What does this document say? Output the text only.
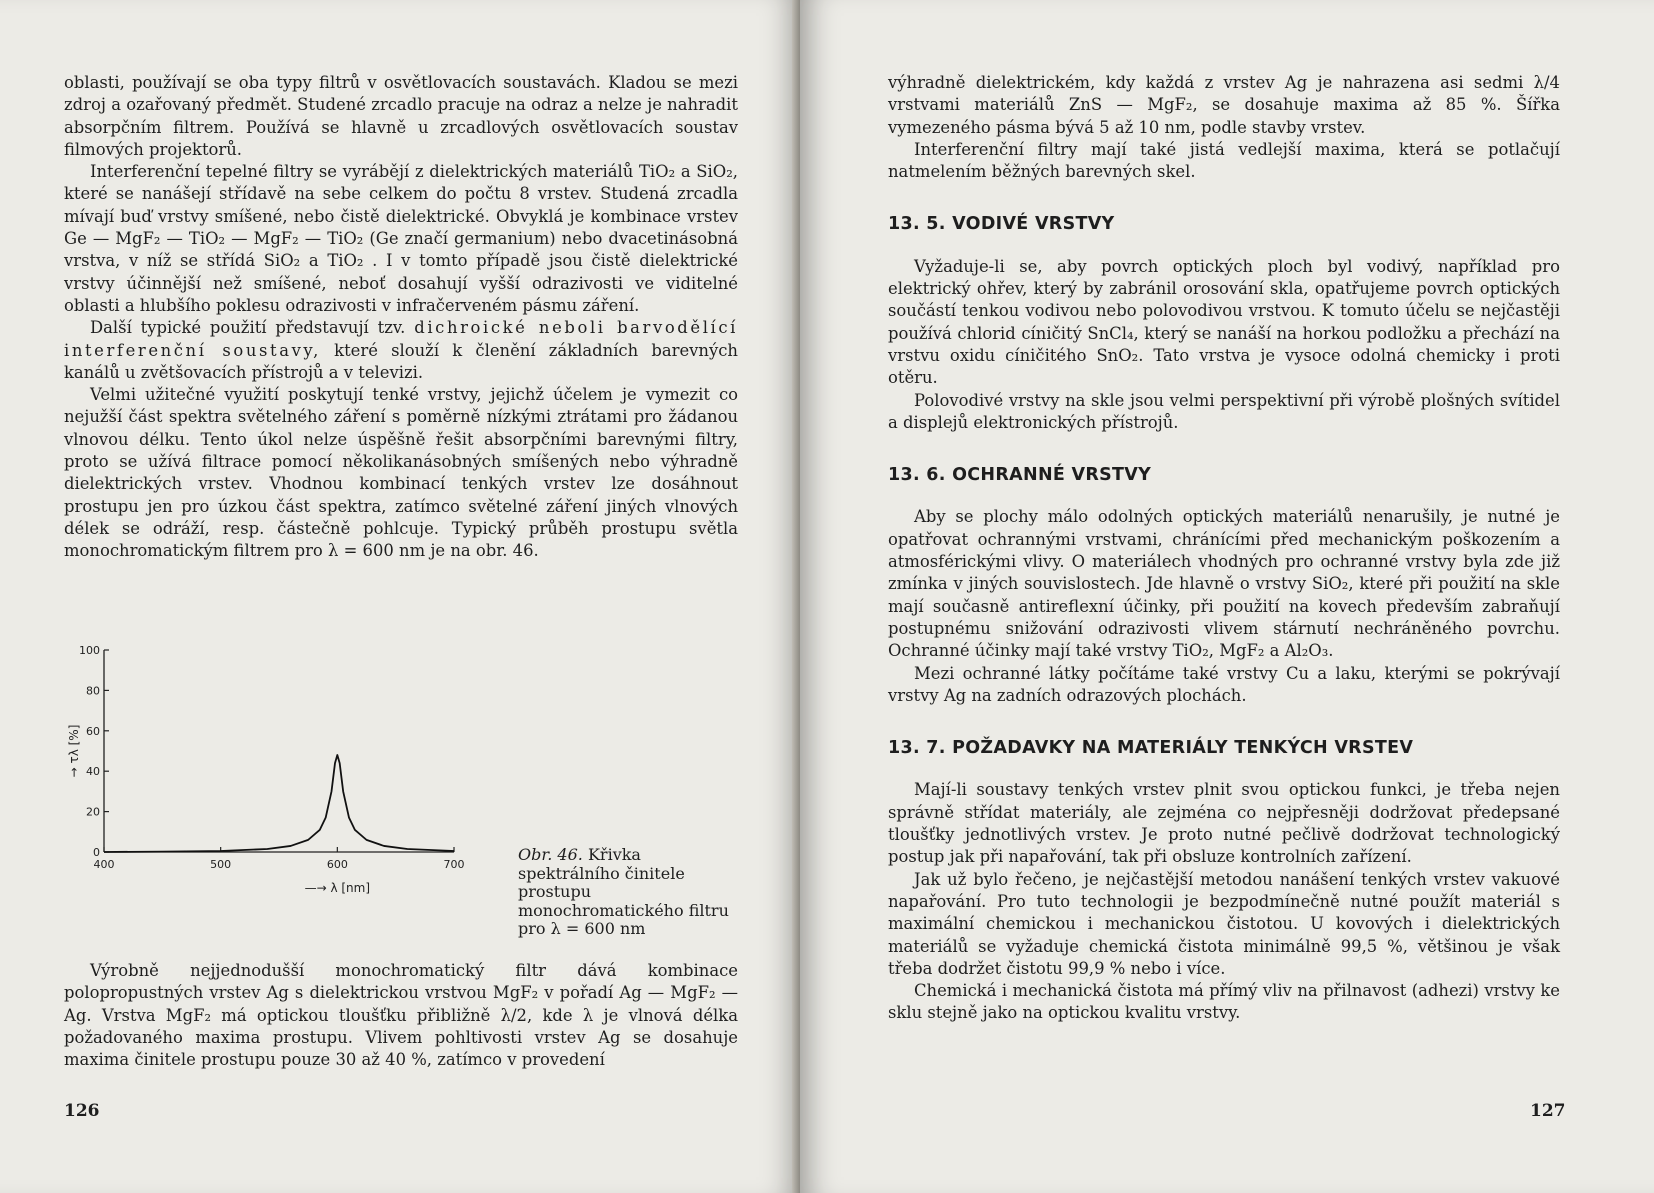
oblasti, používají se oba typy filtrů v osvětlovacích soustavách. Kladou se mezi zdroj a ozařovaný předmět. Studené zrcadlo pracuje na odraz a nelze je nahradit absorpčním filtrem. Používá se hlavně u zrcadlových osvětlovacích soustav filmových projektorů.

Interferenční tepelné filtry se vyrábějí z dielektrických materiálů TiO₂ a SiO₂, které se nanášejí střídavě na sebe celkem do počtu 8 vrstev. Studená zrcadla mívají buď vrstvy smíšené, nebo čistě dielektrické. Obvyklá je kombinace vrstev Ge — MgF₂ — TiO₂ — MgF₂ — TiO₂ (Ge značí germanium) nebo dvacetinásobná vrstva, v níž se střídá SiO₂ a TiO₂ . I v tomto případě jsou čistě dielektrické vrstvy účinnější než smíšené, neboť dosahují vyšší odrazivosti ve viditelné oblasti a hlubšího poklesu odrazivosti v infračerveném pásmu záření.

Další typické použití představují tzv. dichroické neboli barvodělící interferenční soustavy, které slouží k členění základních barevných kanálů u zvětšovacích přístrojů a v televizi.

Velmi užitečné využití poskytují tenké vrstvy, jejichž účelem je vymezit co nejužší část spektra světelného záření s poměrně nízkými ztrátami pro žádanou vlnovou délku. Tento úkol nelze úspěšně řešit absorpčními barevnými filtry, proto se užívá filtrace pomocí několikanásobných smíšených nebo výhradně dielektrických vrstev. Vhodnou kombinací tenkých vrstev lze dosáhnout prostupu jen pro úzkou část spektra, zatímco světelné záření jiných vlnových délek se odráží, resp. částečně pohlcuje. Typický průběh prostupu světla monochromatickým filtrem pro λ = 600 nm je na obr. 46.

0
20
40
60
80
100
400	500	600	700
→ τλ [%]
—→ λ [nm]
Obr. 46. Křivka spektrálního činitele prostupu monochromatického filtru pro λ = 600 nm

Výrobně nejjednodušší monochromatický filtr dává kombinace polopropustných vrstev Ag s dielektrickou vrstvou MgF₂ v pořadí Ag — MgF₂ — Ag. Vrstva MgF₂ má optickou tloušťku přibližně λ/2, kde λ je vlnová délka požadovaného maxima prostupu. Vlivem pohltivosti vrstev Ag se dosahuje maxima činitele prostupu pouze 30 až 40 %, zatímco v provedení

126

výhradně dielektrickém, kdy každá z vrstev Ag je nahrazena asi sedmi λ/4 vrstvami materiálů ZnS — MgF₂, se dosahuje maxima až 85 %. Šířka vymezeného pásma bývá 5 až 10 nm, podle stavby vrstev.

Interferenční filtry mají také jistá vedlejší maxima, která se potlačují natmelením běžných barevných skel.

13. 5. VODIVÉ VRSTVY

Vyžaduje-li se, aby povrch optických ploch byl vodivý, například pro elektrický ohřev, který by zabránil orosování skla, opatřujeme povrch optických součástí tenkou vodivou nebo polovodivou vrstvou. K tomuto účelu se nejčastěji používá chlorid cíničitý SnCl₄, který se nanáší na horkou podložku a přechází na vrstvu oxidu cíničitého SnO₂. Tato vrstva je vysoce odolná chemicky i proti otěru.

Polovodivé vrstvy na skle jsou velmi perspektivní při výrobě plošných svítidel a displejů elektronických přístrojů.

13. 6. OCHRANNÉ VRSTVY

Aby se plochy málo odolných optických materiálů nenarušily, je nutné je opatřovat ochrannými vrstvami, chránícími před mechanickým poškozením a atmosférickými vlivy. O materiálech vhodných pro ochranné vrstvy byla zde již zmínka v jiných souvislostech. Jde hlavně o vrstvy SiO₂, které při použití na skle mají současně antireflexní účinky, při použití na kovech především zabraňují postupnému snižování odrazivosti vlivem stárnutí nechráněného povrchu. Ochranné účinky mají také vrstvy TiO₂, MgF₂ a Al₂O₃.

Mezi ochranné látky počítáme také vrstvy Cu a laku, kterými se pokrývají vrstvy Ag na zadních odrazových plochách.

13. 7. POŽADAVKY NA MATERIÁLY TENKÝCH VRSTEV

Mají-li soustavy tenkých vrstev plnit svou optickou funkci, je třeba nejen správně střídat materiály, ale zejména co nejpřesněji dodržovat předepsané tloušťky jednotlivých vrstev. Je proto nutné pečlivě dodržovat technologický postup jak při napařování, tak při obsluze kontrolních zařízení.

Jak už bylo řečeno, je nejčastější metodou nanášení tenkých vrstev vakuové napařování. Pro tuto technologii je bezpodmínečně nutné použít materiál s maximální chemickou i mechanickou čistotou. U kovových i dielektrických materiálů se vyžaduje chemická čistota minimálně 99,5 %, většinou je však třeba dodržet čistotu 99,9 % nebo i více.

Chemická i mechanická čistota má přímý vliv na přilnavost (adhezi) vrstvy ke sklu stejně jako na optickou kvalitu vrstvy.

127
